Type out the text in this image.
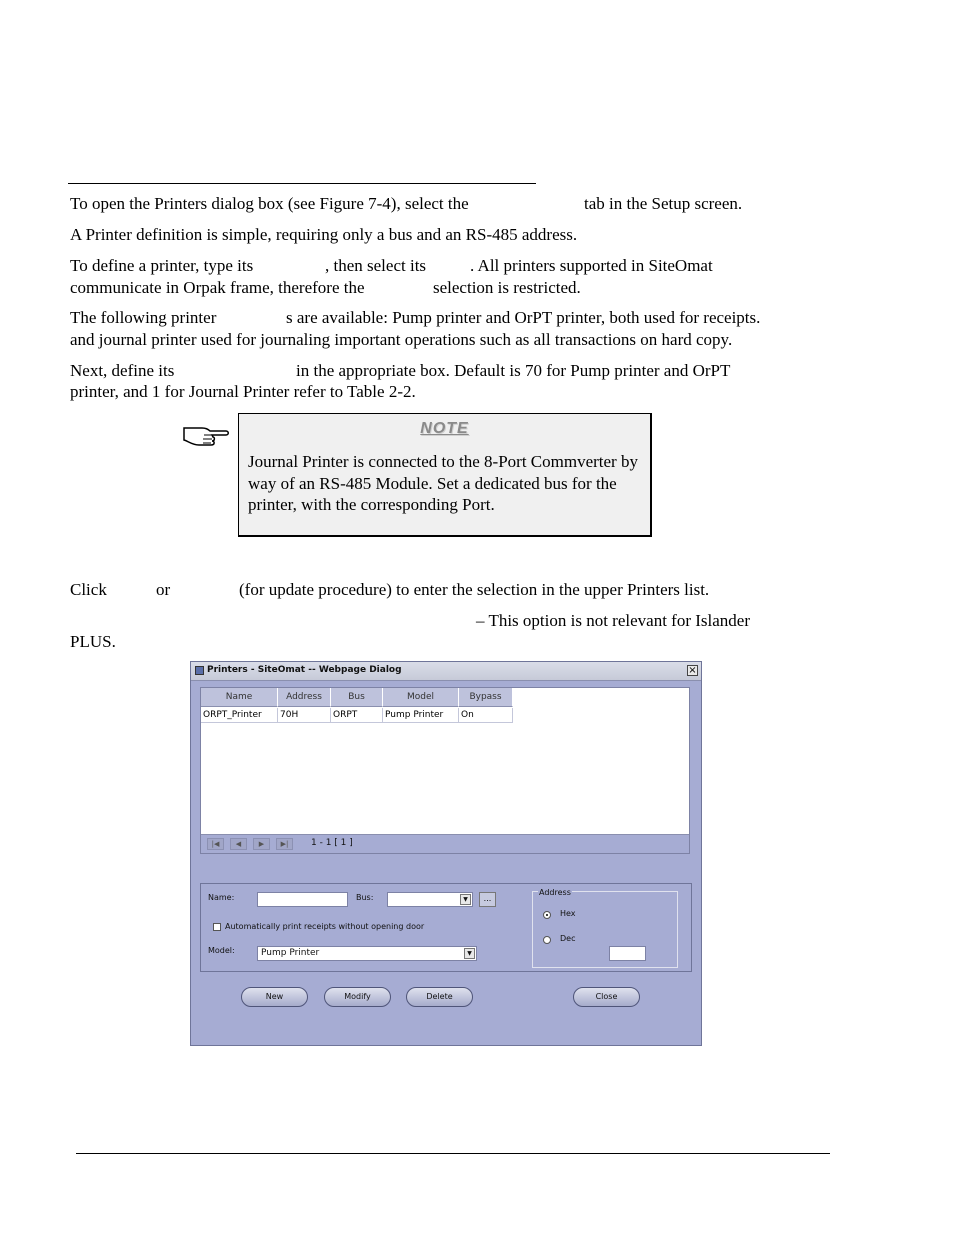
To open the Printers dialog box (see Figure 7-4), select the	tab in the Setup screen.
A Printer definition is simple, requiring only a bus and an RS-485 address.
To define a printer, type its	, then select its	. All printers supported in SiteOmat
communicate in Orpak frame, therefore the	selection is restricted.
The following printer	s are available: Pump printer and OrPT printer, both used for receipts.
and journal printer used for journaling important operations such as all transactions on hard copy.
Next, define its	in the appropriate box. Default is 70 for Pump printer and OrPT
printer, and 1 for Journal Printer refer to Table 2-2.
NOTE
Journal Printer is connected to the 8-Port Commverter by way of an RS-485 Module. Set a dedicated bus for the printer, with the corresponding Port.
Click	or	(for update procedure) to enter the selection in the upper Printers list.
– This option is not relevant for Islander
PLUS.
Printers - SiteOmat -- Webpage Dialog	×
Name	Address	Bus	Model	Bypass
ORPT_Printer	70H	ORPT	Pump Printer	On
|◀	◀	▶	▶|	1 - 1 [ 1 ]
Name:	Bus:	▼	...
Automatically print receipts without opening door
Model:	Pump Printer	▼
Address
Hex
Dec
New	Modify	Delete	Close
